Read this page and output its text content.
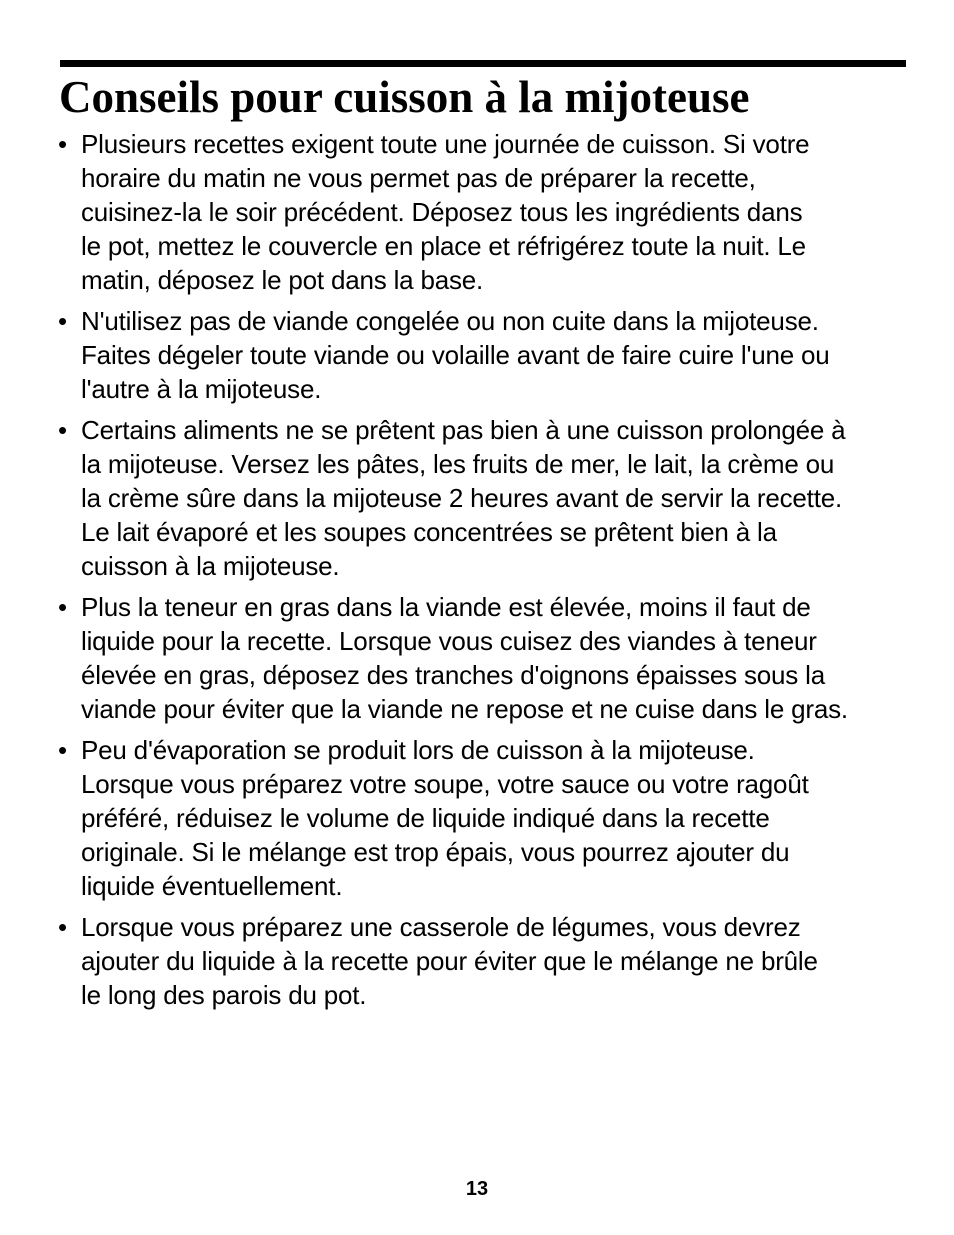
Conseils pour cuisson à la mijoteuse
• Plusieurs recettes exigent toute une journée de cuisson. Si votre
horaire du matin ne vous permet pas de préparer la recette,
cuisinez-la le soir précédent. Déposez tous les ingrédients dans
le pot, mettez le couvercle en place et réfrigérez toute la nuit. Le
matin, déposez le pot dans la base.
• N'utilisez pas de viande congelée ou non cuite dans la mijoteuse.
Faites dégeler toute viande ou volaille avant de faire cuire l'une ou
l'autre à la mijoteuse.
• Certains aliments ne se prêtent pas bien à une cuisson prolongée à
la mijoteuse. Versez les pâtes, les fruits de mer, le lait, la crème ou
la crème sûre dans la mijoteuse 2 heures avant de servir la recette.
Le lait évaporé et les soupes concentrées se prêtent bien à la
cuisson à la mijoteuse.
• Plus la teneur en gras dans la viande est élevée, moins il faut de
liquide pour la recette. Lorsque vous cuisez des viandes à teneur
élevée en gras, déposez des tranches d'oignons épaisses sous la
viande pour éviter que la viande ne repose et ne cuise dans le gras.
• Peu d'évaporation se produit lors de cuisson à la mijoteuse.
Lorsque vous préparez votre soupe, votre sauce ou votre ragoût
préféré, réduisez le volume de liquide indiqué dans la recette
originale. Si le mélange est trop épais, vous pourrez ajouter du
liquide éventuellement.
• Lorsque vous préparez une casserole de légumes, vous devrez
ajouter du liquide à la recette pour éviter que le mélange ne brûle
le long des parois du pot.
13
